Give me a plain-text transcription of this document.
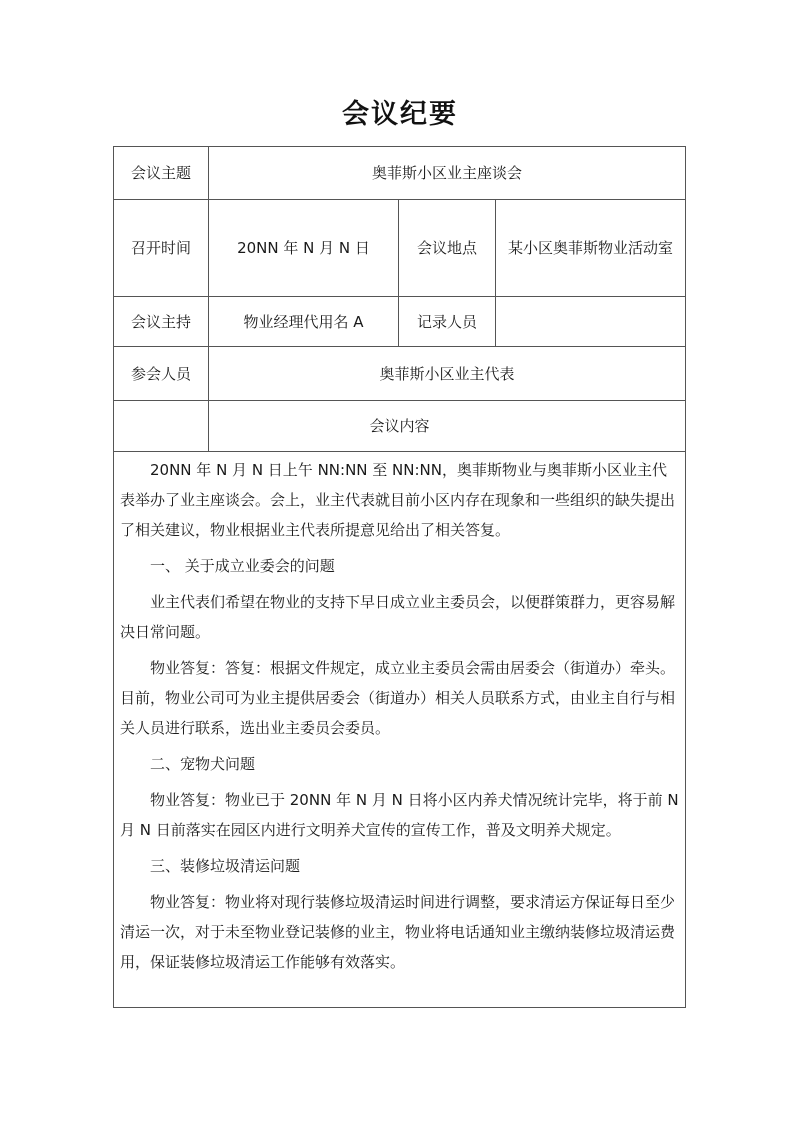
会议纪要
会议主题	奥菲斯小区业主座谈会
召开时间	20NN 年 N 月 N 日	会议地点	某小区奥菲斯物业活动室
会议主持	物业经理代用名 A	记录人员
参会人员	奥菲斯小区业主代表
会议内容

20NN 年 N 月 N 日上午 NN:NN 至 NN:NN，奥菲斯物业与奥菲斯小区业主代表举办了业主座谈会。会上，业主代表就目前小区内存在现象和一些组织的缺失提出了相关建议，物业根据业主代表所提意见给出了相关答复。

一、 关于成立业委会的问题

业主代表们希望在物业的支持下早日成立业主委员会，以便群策群力，更容易解决日常问题。

物业答复：答复：根据文件规定，成立业主委员会需由居委会（街道办）牵头。目前，物业公司可为业主提供居委会（街道办）相关人员联系方式，由业主自行与相关人员进行联系，选出业主委员会委员。

二、宠物犬问题

物业答复：物业已于 20NN 年 N 月 N 日将小区内养犬情况统计完毕，将于前 N 月 N 日前落实在园区内进行文明养犬宣传的宣传工作，普及文明养犬规定。

三、装修垃圾清运问题

物业答复：物业将对现行装修垃圾清运时间进行调整，要求清运方保证每日至少清运一次，对于未至物业登记装修的业主，物业将电话通知业主缴纳装修垃圾清运费用，保证装修垃圾清运工作能够有效落实。
